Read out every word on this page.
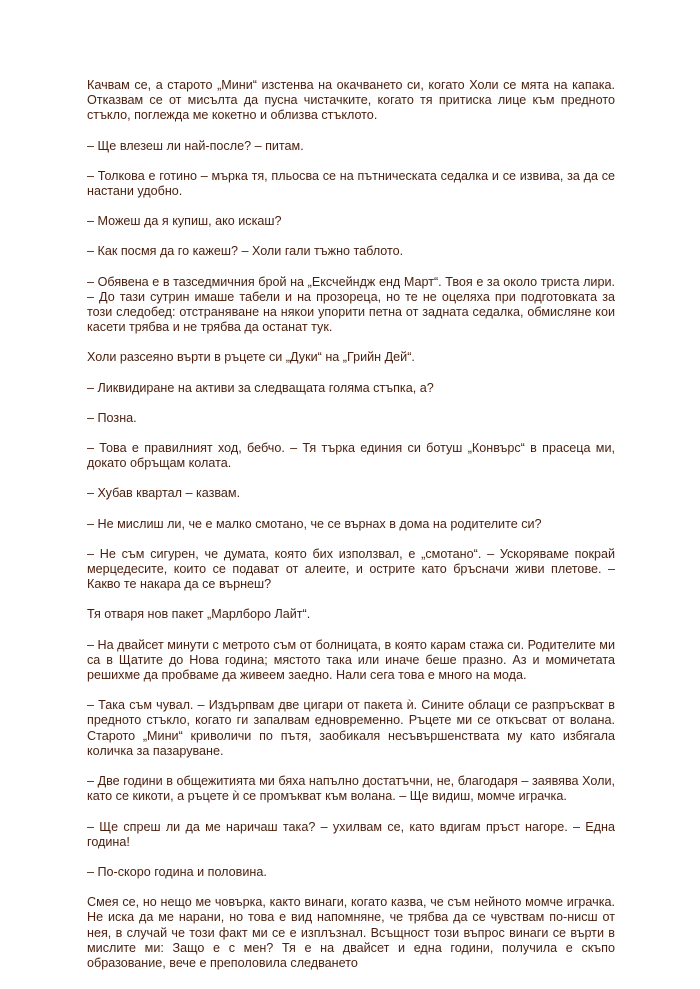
Качвам се, а старото „Мини“ изстенва на окачването си, когато Холи се мята на капака. Отказвам се от мисълта да пусна чистачките, когато тя притиска лице към предното стъкло, поглежда ме кокетно и облизва стъклото.

– Ще влезеш ли най-после? – питам.

– Толкова е готино – мърка тя, пльосва се на пътническата седалка и се извива, за да се настани удобно.

– Можеш да я купиш, ако искаш?

– Как посмя да го кажеш? – Холи гали тъжно таблото.

– Обявена е в тазседмичния брой на „Ексчейндж енд Март“. Твоя е за около триста лири. – До тази сутрин имаше табели и на прозореца, но те не оцеляха при подготовката за този следобед: отстраняване на някои упорити петна от задната седалка, обмисляне кои касети трябва и не трябва да останат тук.

Холи разсеяно върти в ръцете си „Дуки“ на „Грийн Дей“.

– Ликвидиране на активи за следващата голяма стъпка, а?

– Позна.

– Това е правилният ход, бебчо. – Тя търка единия си ботуш „Конвърс“ в прасеца ми, докато обръщам колата.

– Хубав квартал – казвам.

– Не мислиш ли, че е малко смотано, че се върнах в дома на родителите си?

– Не съм сигурен, че думата, която бих използвал, е „смотано“. – Ускоряваме покрай мерцедесите, които се подават от алеите, и острите като бръсначи живи плетове. – Какво те накара да се върнеш?

Тя отваря нов пакет „Марлборо Лайт“.

– На двайсет минути с метрото съм от болницата, в която карам стажа си. Родителите ми са в Щатите до Нова година; мястото така или иначе беше празно. Аз и момичетата решихме да пробваме да живеем заедно. Нали сега това е много на мода.

– Така съм чувал. – Издърпвам две цигари от пакета ѝ. Сините облаци се разпръскват в предното стъкло, когато ги запалвам едновременно. Ръцете ми се откъсват от волана. Старото „Мини“ криволичи по пътя, заобикаля несъвършенствата му като избягала количка за пазаруване.

– Две години в общежитията ми бяха напълно достатъчни, не, благодаря – заявява Холи, като се кикоти, а ръцете ѝ се промъкват към волана. – Ще видиш, момче играчка.

– Ще спреш ли да ме наричаш така? – ухилвам се, като вдигам пръст нагоре. – Една година!

– По-скоро година и половина.

Смея се, но нещо ме човърка, както винаги, когато казва, че съм нейното момче играчка. Не иска да ме нарани, но това е вид напомняне, че трябва да се чувствам по-нисш от нея, в случай че този факт ми се е изплъзнал. Всъщност този въпрос винаги се върти в мислите ми: Защо е с мен? Тя е на двайсет и една години, получила е скъпо образование, вече е преполовила следването
